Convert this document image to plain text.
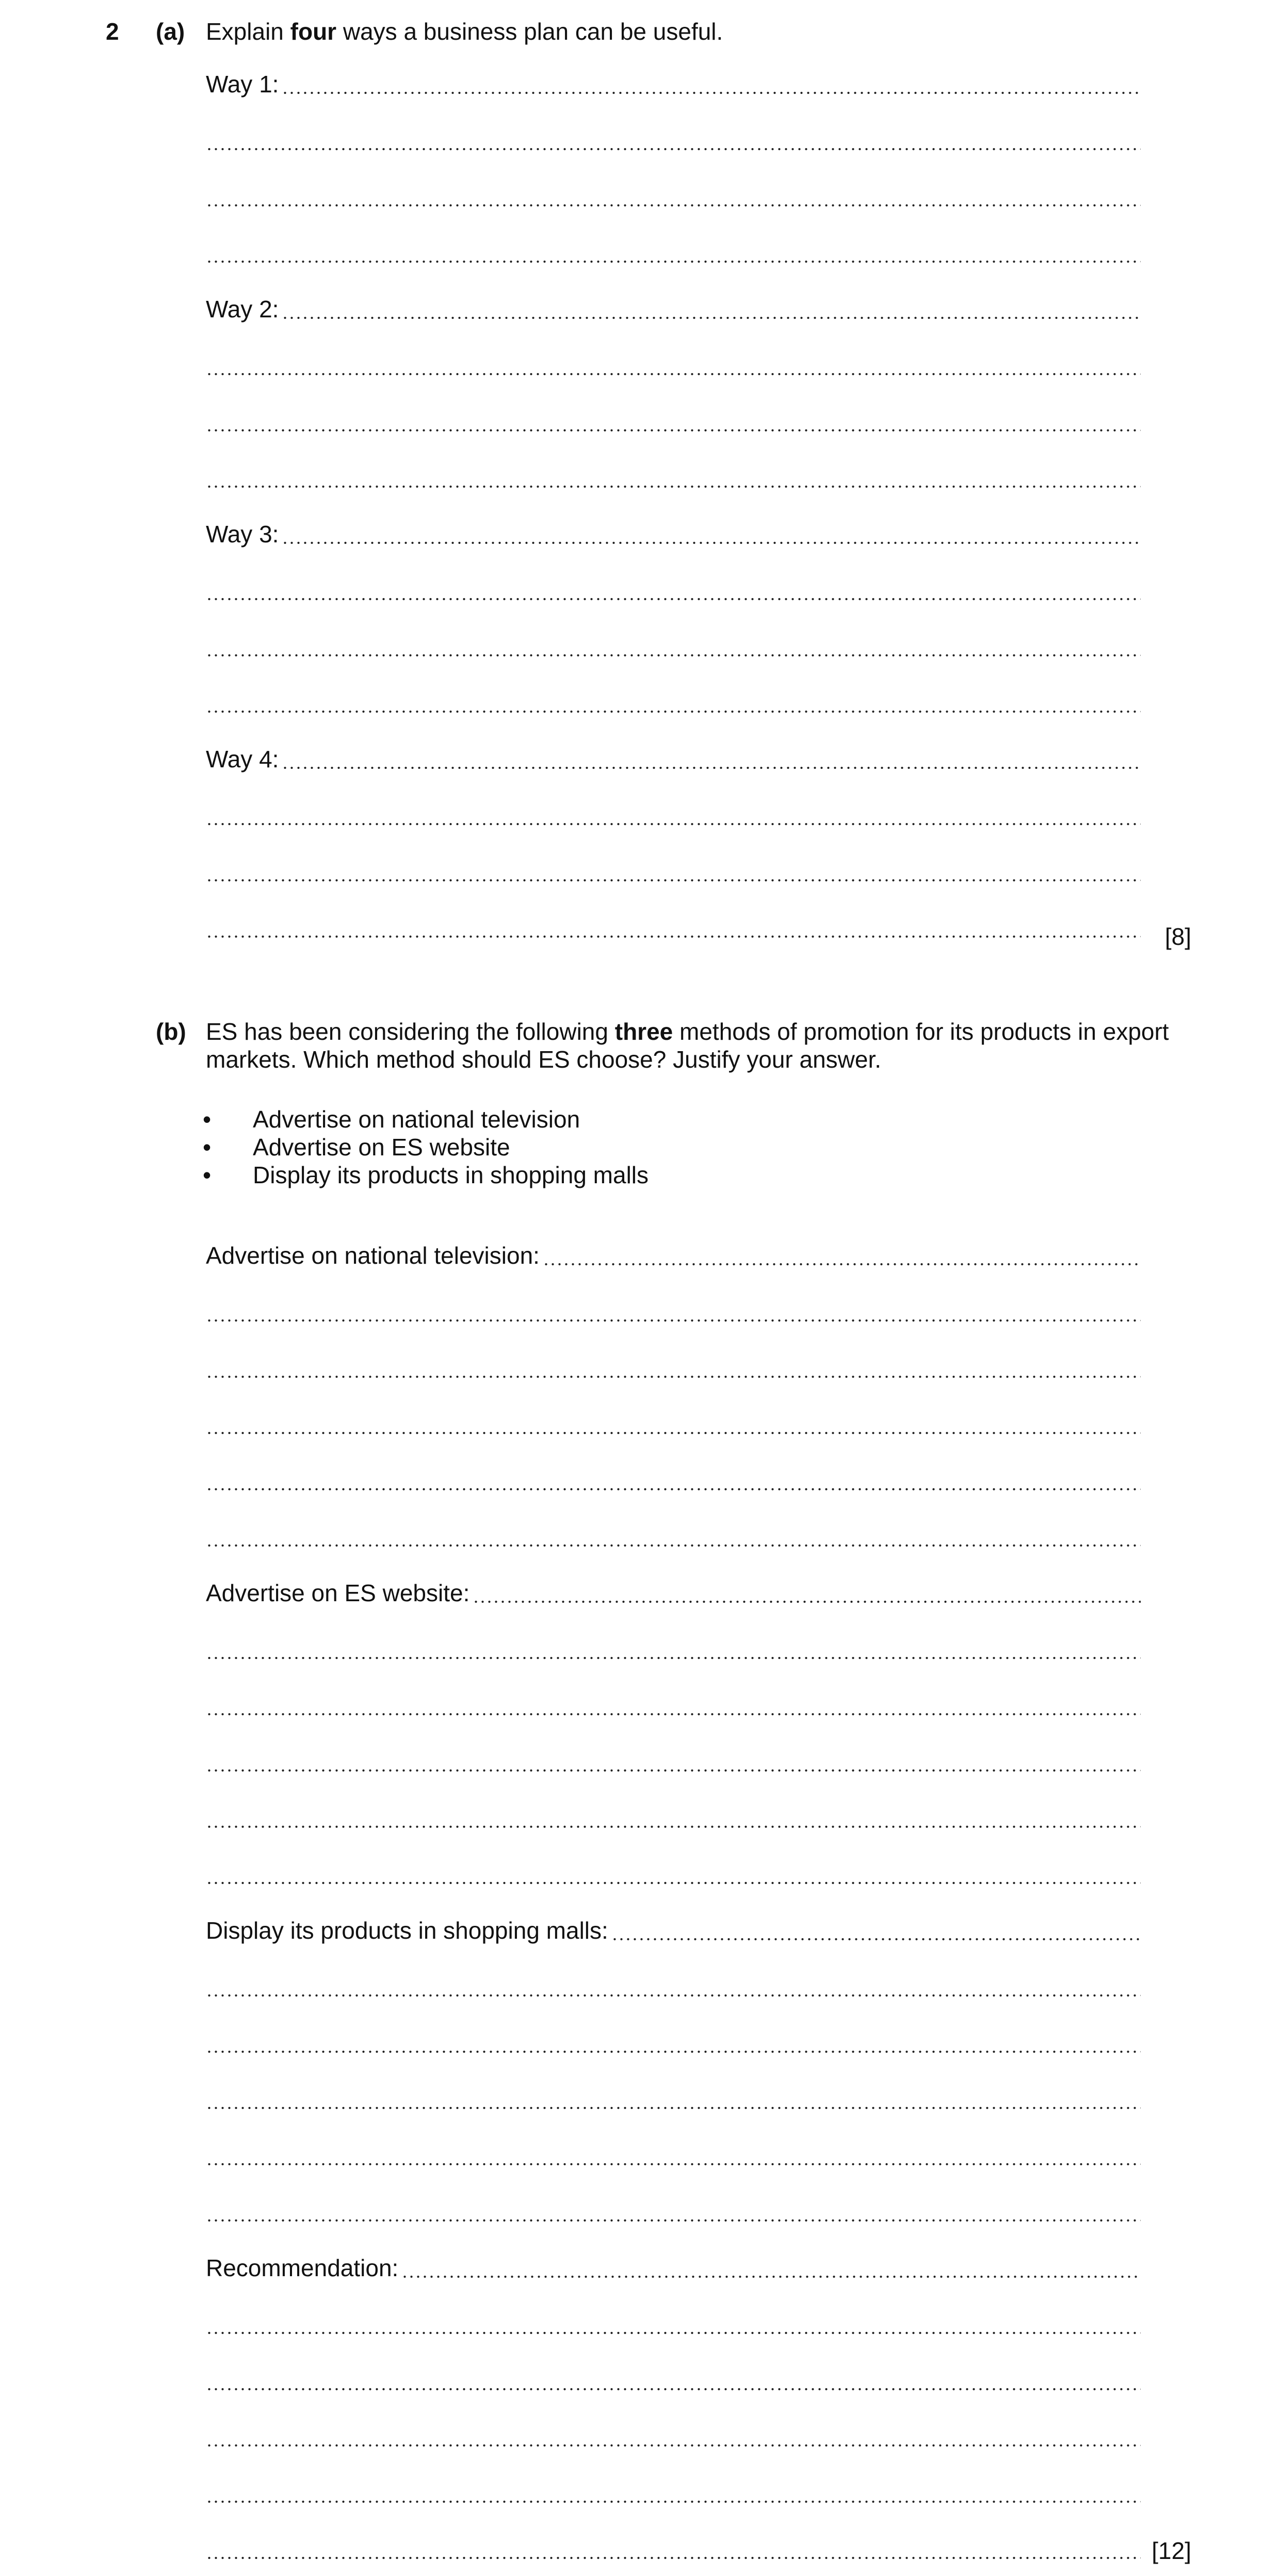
2 (a) Explain four ways a business plan can be useful.
Way 1:
Way 2:
Way 3:
Way 4:
[8]
(b) ES has been considering the following three methods of promotion for its products in export
markets. Which method should ES choose? Justify your answer.
• Advertise on national television
• Advertise on ES website
• Display its products in shopping malls
Advertise on national television:
Advertise on ES website:
Display its products in shopping malls:
Recommendation:
[12]
